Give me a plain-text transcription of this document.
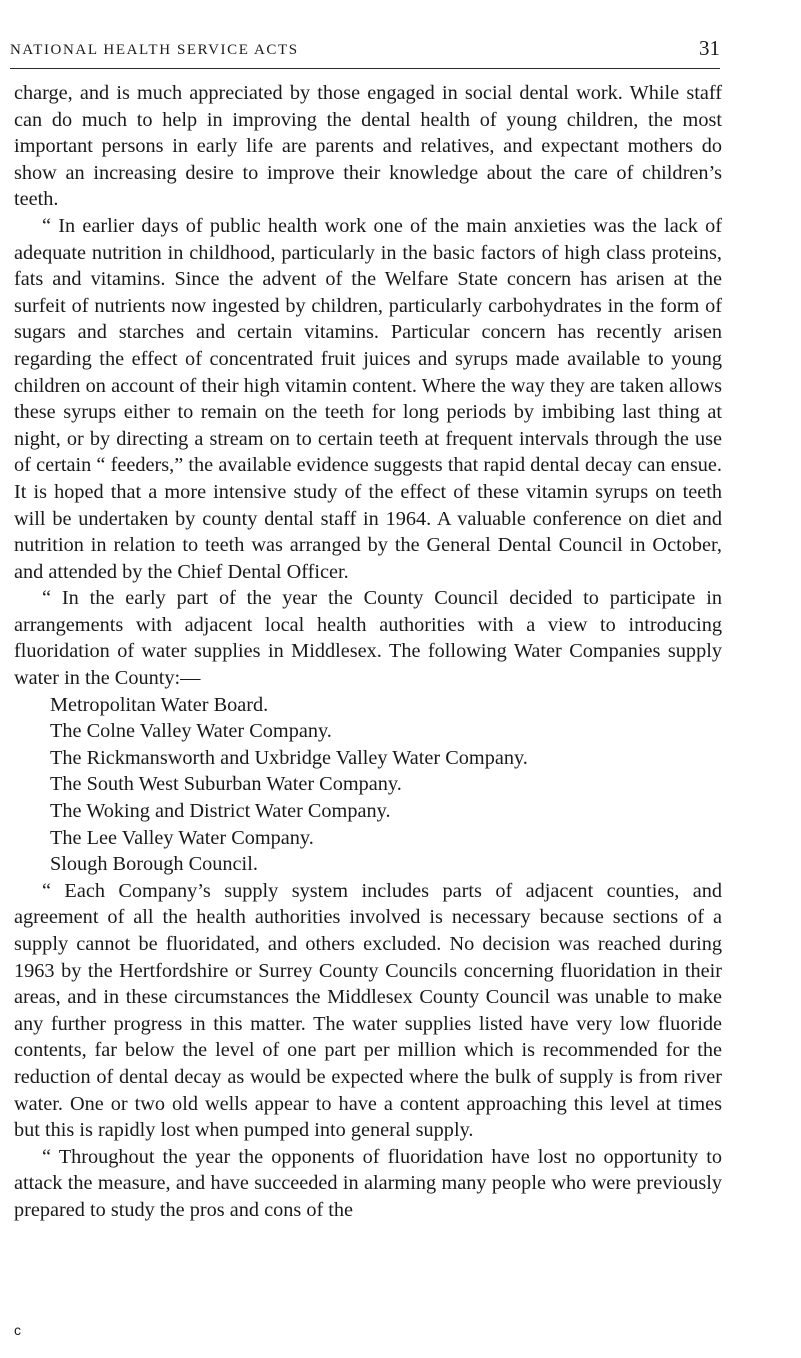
NATIONAL HEALTH SERVICE ACTS	31

charge, and is much appreciated by those engaged in social dental work. While staff can do much to help in improving the dental health of young children, the most important persons in early life are parents and relatives, and expectant mothers do show an increasing desire to improve their knowledge about the care of children’s teeth.

“ In earlier days of public health work one of the main anxieties was the lack of adequate nutrition in childhood, particularly in the basic factors of high class proteins, fats and vitamins. Since the advent of the Welfare State concern has arisen at the surfeit of nutrients now ingested by children, particularly carbohydrates in the form of sugars and starches and certain vitamins. Particular concern has recently arisen regarding the effect of concentrated fruit juices and syrups made available to young children on account of their high vitamin content. Where the way they are taken allows these syrups either to remain on the teeth for long periods by imbibing last thing at night, or by directing a stream on to certain teeth at frequent intervals through the use of certain “ feeders,” the available evidence suggests that rapid dental decay can ensue. It is hoped that a more intensive study of the effect of these vitamin syrups on teeth will be undertaken by county dental staff in 1964. A valuable conference on diet and nutrition in relation to teeth was arranged by the General Dental Council in October, and attended by the Chief Dental Officer.

“ In the early part of the year the County Council decided to participate in arrangements with adjacent local health authorities with a view to introducing fluoridation of water supplies in Middlesex. The following Water Companies supply water in the County:—

Metropolitan Water Board.
The Colne Valley Water Company.
The Rickmansworth and Uxbridge Valley Water Company.
The South West Suburban Water Company.
The Woking and District Water Company.
The Lee Valley Water Company.
Slough Borough Council.

“ Each Company’s supply system includes parts of adjacent counties, and agreement of all the health authorities involved is necessary because sections of a supply cannot be fluoridated, and others excluded. No decision was reached during 1963 by the Hertfordshire or Surrey County Councils concerning fluoridation in their areas, and in these circumstances the Middlesex County Council was unable to make any further progress in this matter. The water supplies listed have very low fluoride contents, far below the level of one part per million which is recommended for the reduction of dental decay as would be expected where the bulk of supply is from river water. One or two old wells appear to have a content approaching this level at times but this is rapidly lost when pumped into general supply.

“ Throughout the year the opponents of fluoridation have lost no opportunity to attack the measure, and have succeeded in alarming many people who were previously prepared to study the pros and cons of the

c
